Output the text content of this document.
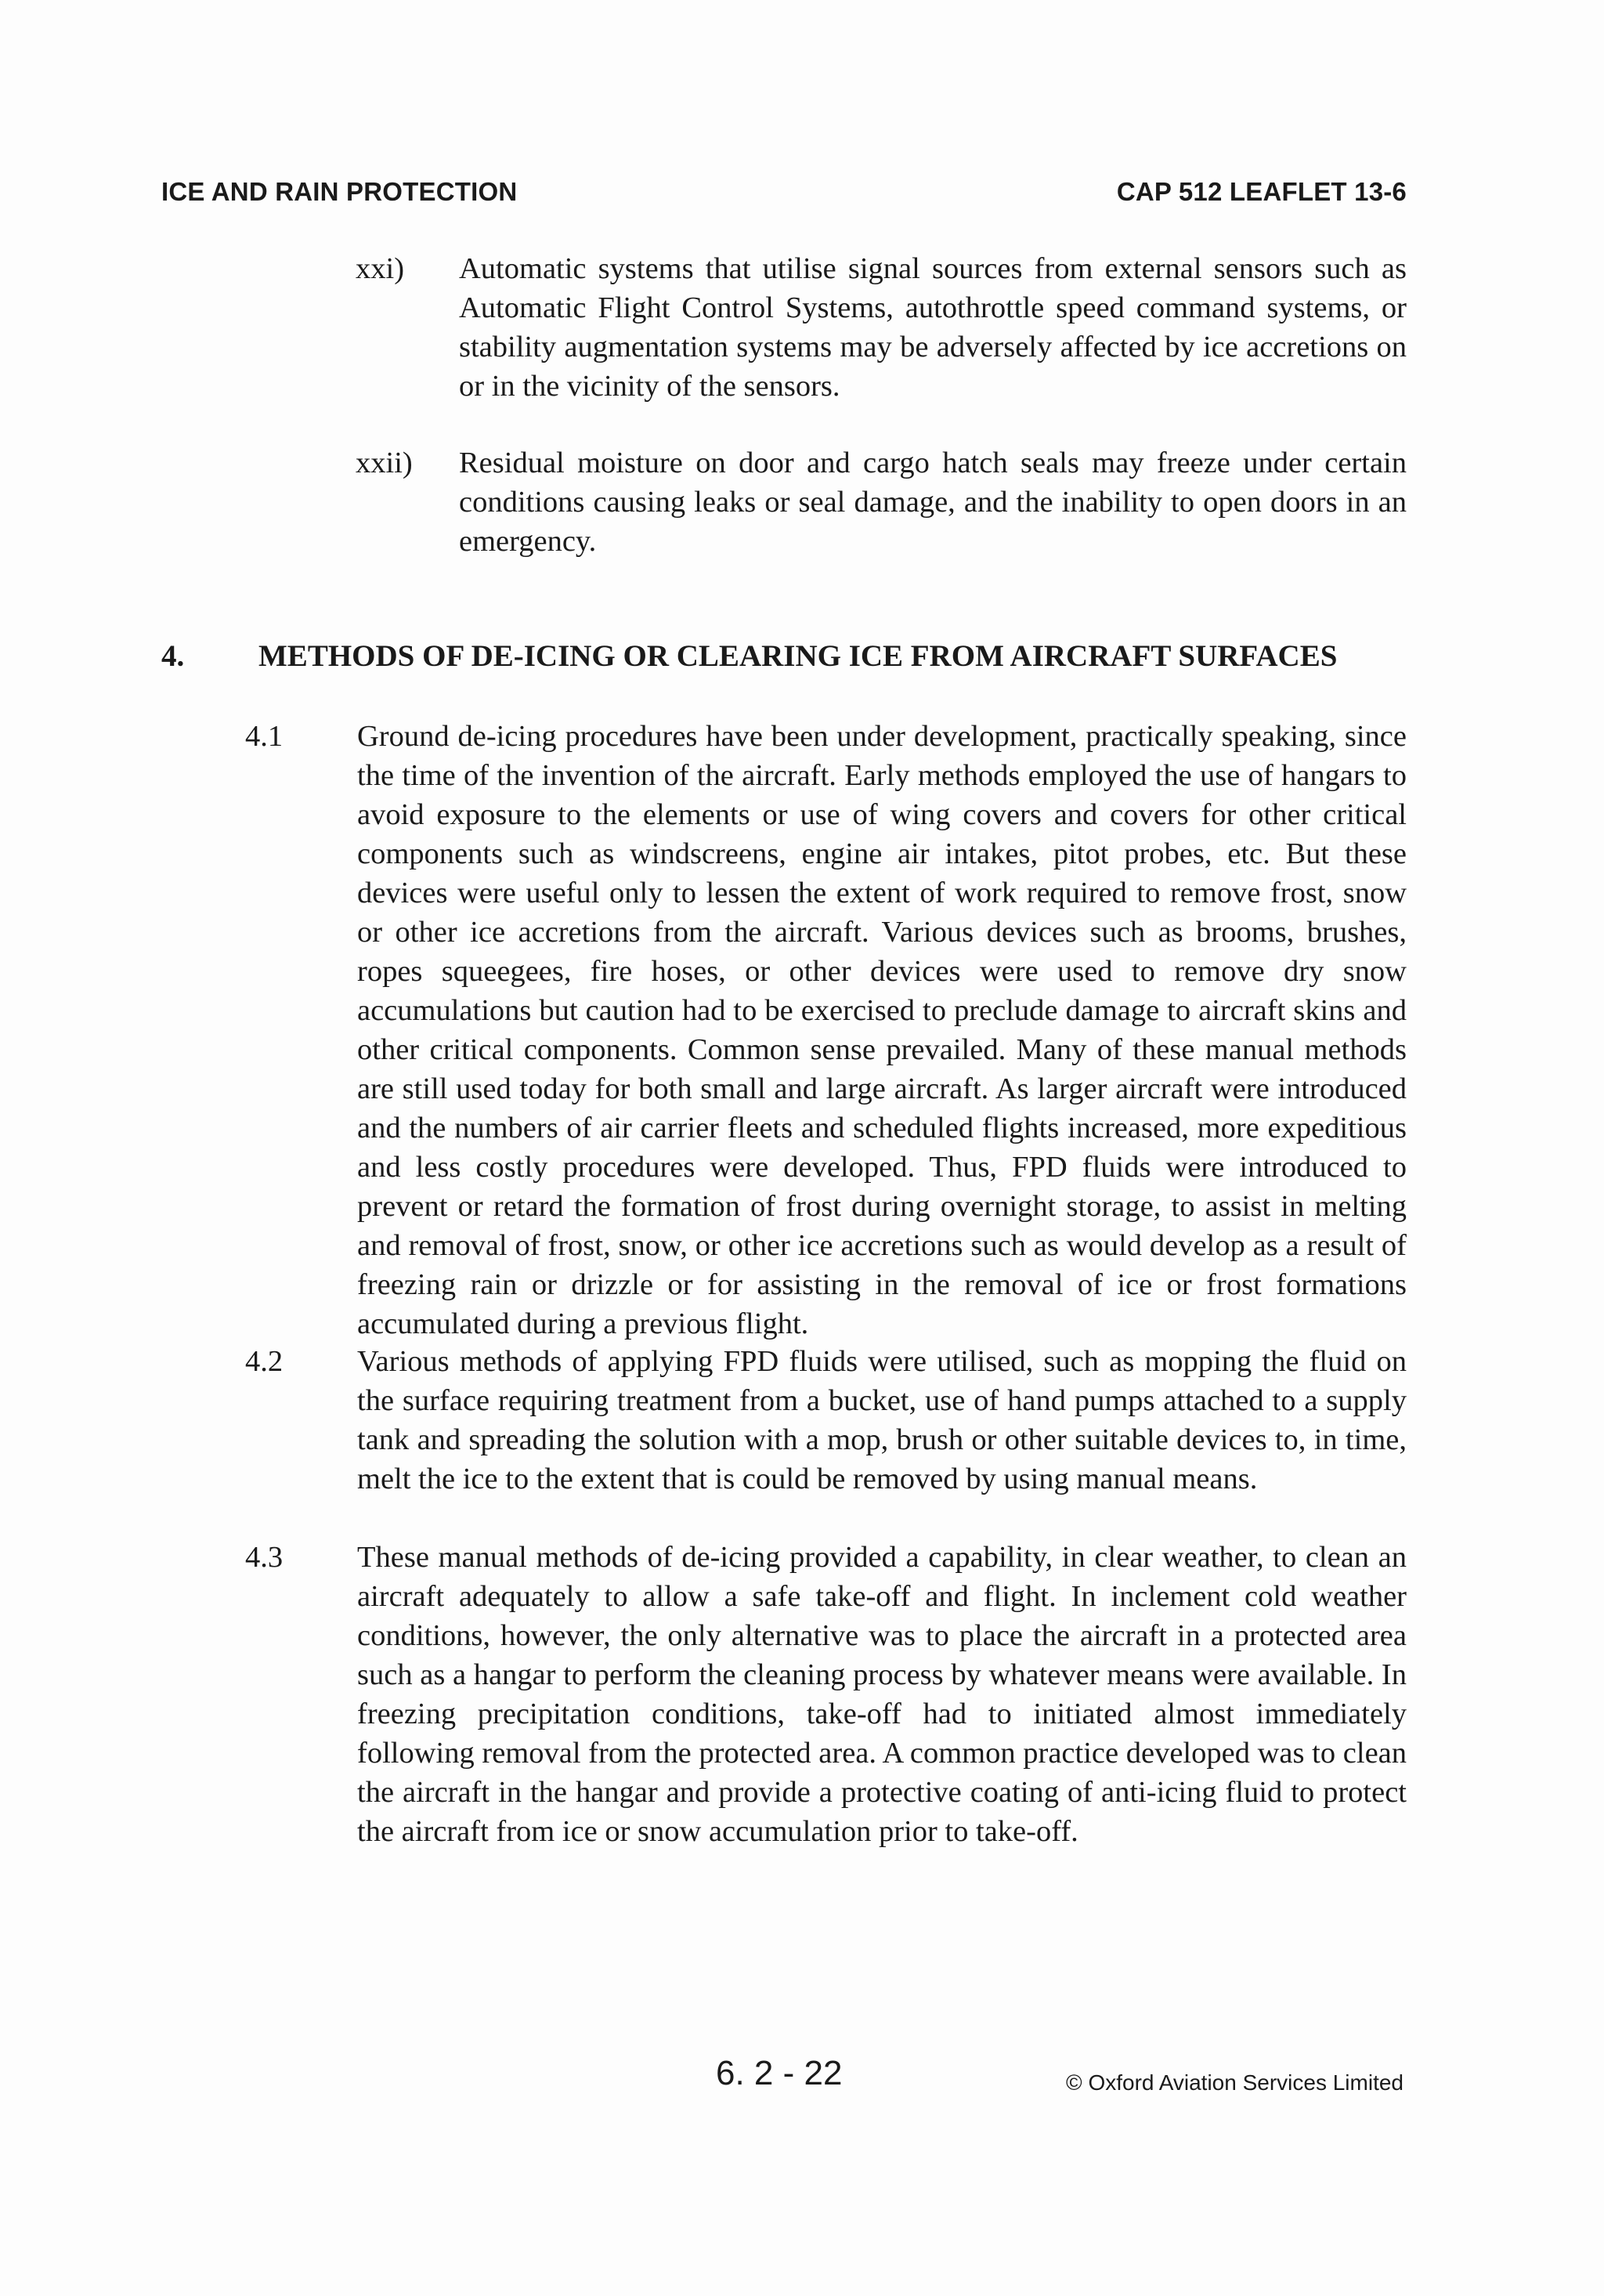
ICE AND RAIN PROTECTION	CAP 512 LEAFLET 13-6
xxi) Automatic systems that utilise signal sources from external sensors such as Automatic Flight Control Systems, autothrottle speed command systems, or stability augmentation systems may be adversely affected by ice accretions on or in the vicinity of the sensors.
xxii) Residual moisture on door and cargo hatch seals may freeze under certain conditions causing leaks or seal damage, and the inability to open doors in an emergency.
4. METHODS OF DE-ICING OR CLEARING ICE FROM AIRCRAFT SURFACES
4.1 Ground de-icing procedures have been under development, practically speaking, since the time of the invention of the aircraft. Early methods employed the use of hangars to avoid exposure to the elements or use of wing covers and covers for other critical components such as windscreens, engine air intakes, pitot probes, etc. But these devices were useful only to lessen the extent of work required to remove frost, snow or other ice accretions from the aircraft. Various devices such as brooms, brushes, ropes squeegees, fire hoses, or other devices were used to remove dry snow accumulations but caution had to be exercised to preclude damage to aircraft skins and other critical components. Common sense prevailed. Many of these manual methods are still used today for both small and large aircraft. As larger aircraft were introduced and the numbers of air carrier fleets and scheduled flights increased, more expeditious and less costly procedures were developed. Thus, FPD fluids were introduced to prevent or retard the formation of frost during overnight storage, to assist in melting and removal of frost, snow, or other ice accretions such as would develop as a result of freezing rain or drizzle or for assisting in the removal of ice or frost formations accumulated during a previous flight.
4.2 Various methods of applying FPD fluids were utilised, such as mopping the fluid on the surface requiring treatment from a bucket, use of hand pumps attached to a supply tank and spreading the solution with a mop, brush or other suitable devices to, in time, melt the ice to the extent that is could be removed by using manual means.
4.3 These manual methods of de-icing provided a capability, in clear weather, to clean an aircraft adequately to allow a safe take-off and flight. In inclement cold weather conditions, however, the only alternative was to place the aircraft in a protected area such as a hangar to perform the cleaning process by whatever means were available. In freezing precipitation conditions, take-off had to initiated almost immediately following removal from the protected area. A common practice developed was to clean the aircraft in the hangar and provide a protective coating of anti-icing fluid to protect the aircraft from ice or snow accumulation prior to take-off.
6. 2 - 22	© Oxford Aviation Services Limited
